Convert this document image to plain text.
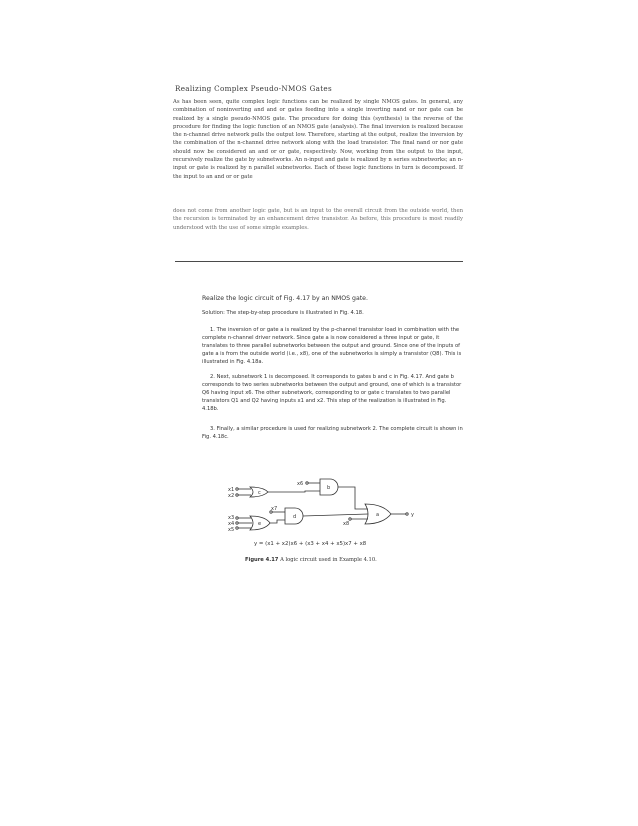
Realizing Complex Pseudo-NMOS Gates
As has been seen, quite complex logic functions can be realized by single NMOS gates. In general, any combination of noninverting and and or gates feeding into a single inverting nand or nor gate can be realized by a single pseudo-NMOS gate. The procedure for doing this (synthesis) is the reverse of the procedure for finding the logic function of an NMOS gate (analysis). The final inversion is realized because the n-channel drive network pulls the output low. Therefore, starting at the output, realize the inversion by the combination of the n-channel drive network along with the load transistor. The final nand or nor gate should now be considered an and or or gate, respectively. Now, working from the output to the input, recursively realize the gate by subnetworks. An n-input and gate is realized by n series subnetworks; an n-input or gate is realized by n parallel subnetworks. Each of these logic functions in turn is decomposed. If the input to an and or or gate
does not come from another logic gate, but is an input to the overall circuit from the outside world, then the recursion is terminated by an enhancement drive transistor. As before, this procedure is most readily understood with the use of some simple examples.
Realize the logic circuit of Fig. 4.17 by an NMOS gate.
Solution: The step-by-step procedure is illustrated in Fig. 4.18.
1. The inversion of or gate a is realized by the p-channel transistor load in combination with the complete n-channel driver network. Since gate a is now considered a three input or gate, it translates to three parallel subnetworks between the output and ground. Since one of the inputs of gate a is from the outside world (i.e., x8), one of the subnetworks is simply a transistor (Q8). This is illustrated in Fig. 4.18a.
2. Next, subnetwork 1 is decomposed. It corresponds to gates b and c in Fig. 4.17. And gate b corresponds to two series subnetworks between the output and ground, one of which is a transistor Q6 having input x6. The other subnetwork, corresponding to or gate c translates to two parallel transistors Q1 and Q2 having inputs x1 and x2. This step of the realization is illustrated in Fig. 4.18b.
3. Finally, a similar procedure is used for realizing subnetwork 2. The complete circuit is shown in Fig. 4.18c.
x1
x2
x3
x4
x5
x6
x7
x8
c
e
b
d	a	y
y = (x1 + x2)x6 + (x3 + x4 + x5)x7 + x8
Figure 4.17 A logic circuit used in Example 4.10.
